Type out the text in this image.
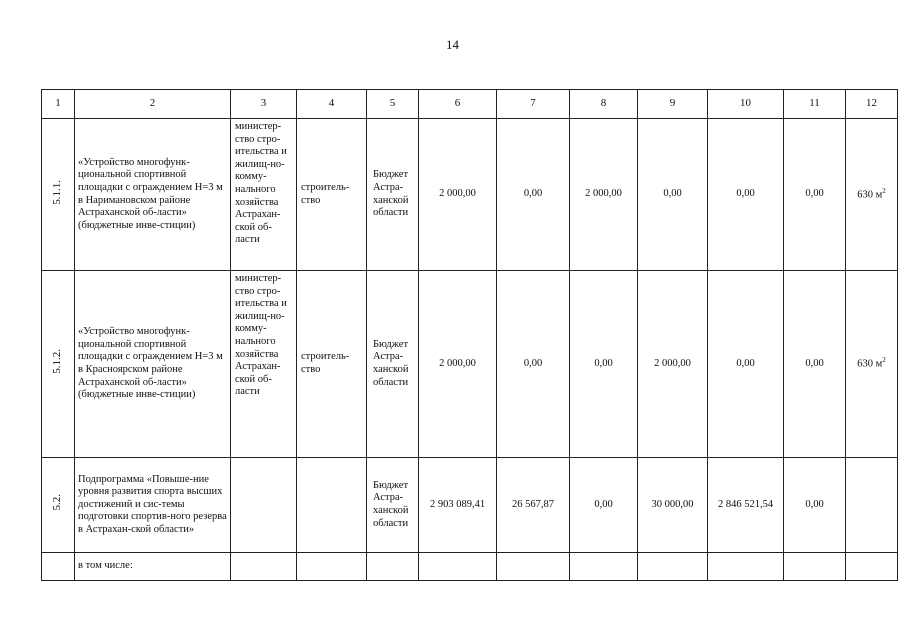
14
1	2	3	4	5	6	7	8	9	10	11	12
5.1.1.	«Устройство многофунк-циональной спортивной площадки с ограждением Н=3 м в Наримановском районе Астраханской об-ласти» (бюджетные инве-стиции)	министер-ство стро-ительства и жилищ-но-комму-нального хозяйства Астрахан-ской об-ласти	строитель-ство	Бюджет Астра-ханской области	2 000,00	0,00	2 000,00	0,00	0,00	0,00	630 $м^2$
5.1.2.	«Устройство многофунк-циональной спортивной площадки с ограждением Н=3 м в Красноярском районе Астраханской об-ласти» (бюджетные инве-стиции)	министер-ство стро-ительства и жилищ-но-комму-нального хозяйства Астрахан-ской об-ласти	строитель-ство	Бюджет Астра-ханской области	2 000,00	0,00	0,00	2 000,00	0,00	0,00	630 $м^2$
5.2.	Подпрограмма «Повыше-ние уровня развития спорта высших достижений и сис-темы подготовки спортив-ного резерва в Астрахан-ской области»			Бюджет Астра-ханской области	2 903 089,41	26 567,87	0,00	30 000,00	2 846 521,54	0,00	
	в том числе:										
